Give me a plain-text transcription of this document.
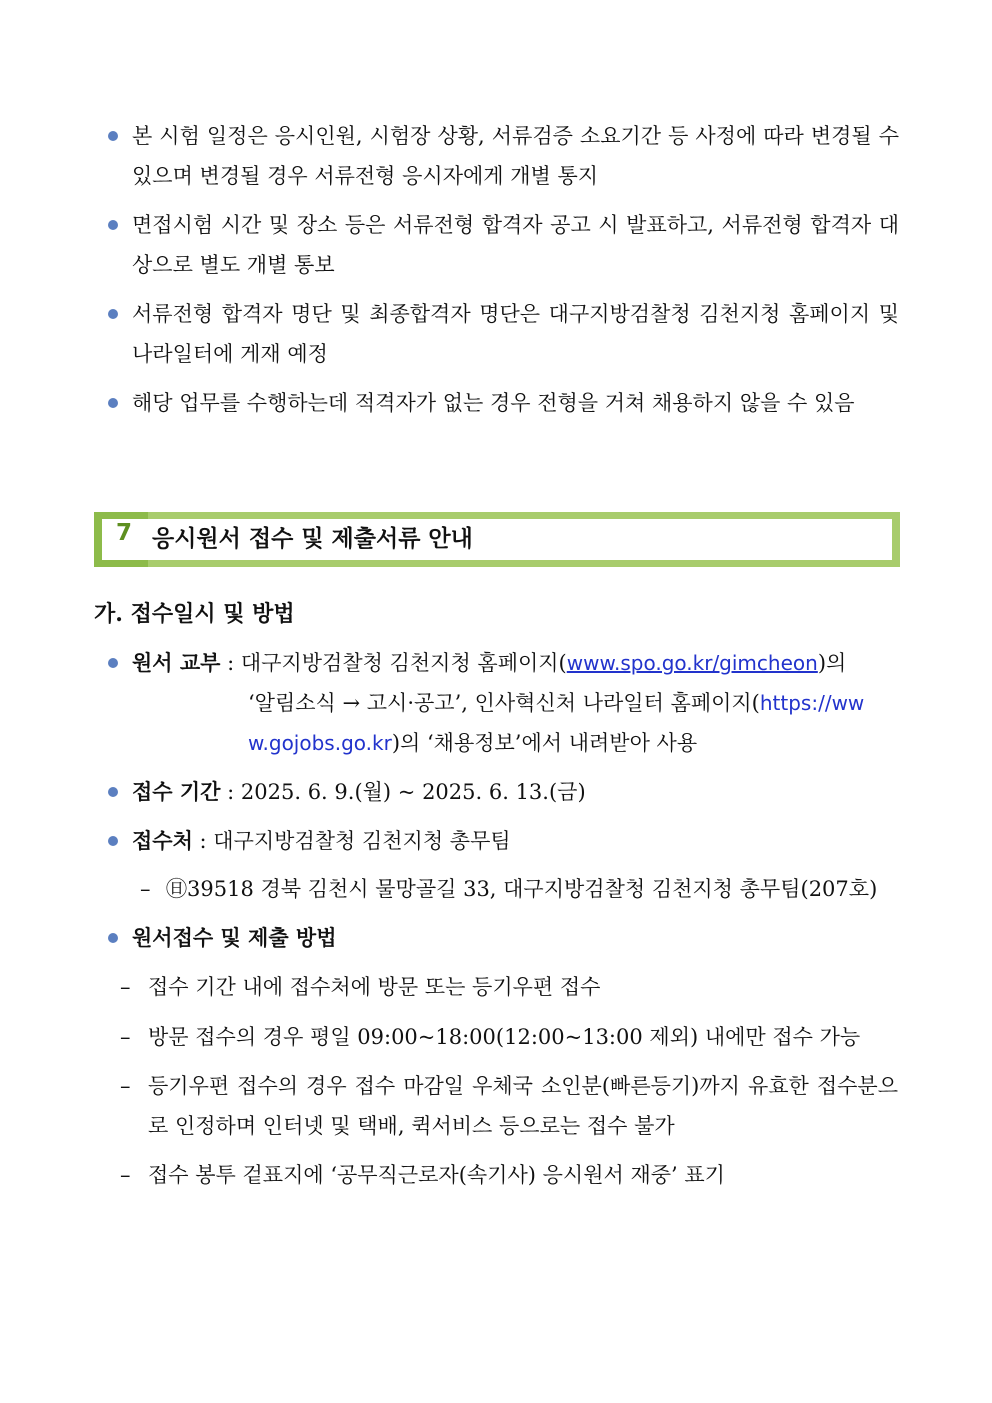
본 시험 일정은 응시인원, 시험장 상황, 서류검증 소요기간 등 사정에 따라 변경될 수 있으며 변경될 경우 서류전형 응시자에게 개별 통지
면접시험 시간 및 장소 등은 서류전형 합격자 공고 시 발표하고, 서류전형 합격자 대상으로 별도 개별 통보
서류전형 합격자 명단 및 최종합격자 명단은 대구지방검찰청 김천지청 홈페이지 및 나라일터에 게재 예정
해당 업무를 수행하는데 적격자가 없는 경우 전형을 거쳐 채용하지 않을 수 있음
7 응시원서 접수 및 제출서류 안내
가. 접수일시 및 방법
원서 교부 : 대구지방검찰청 김천지청 홈페이지(www.spo.go.kr/gimcheon)의
‘알림소식 → 고시·공고’, 인사혁신처 나라일터 홈페이지(https://ww
w.gojobs.go.kr)의 ‘채용정보’에서 내려받아 사용
접수 기간 : 2025. 6. 9.(월) ~ 2025. 6. 13.(금)
접수처 : 대구지방검찰청 김천지청 총무팀
– ㊐39518 경북 김천시 물망골길 33, 대구지방검찰청 김천지청 총무팀(207호)
원서접수 및 제출 방법
– 접수 기간 내에 접수처에 방문 또는 등기우편 접수
– 방문 접수의 경우 평일 09:00~18:00(12:00~13:00 제외) 내에만 접수 가능
– 등기우편 접수의 경우 접수 마감일 우체국 소인분(빠른등기)까지 유효한 접수분으로 인정하며 인터넷 및 택배, 퀵서비스 등으로는 접수 불가
– 접수 봉투 겉표지에 ‘공무직근로자(속기사) 응시원서 재중’ 표기
